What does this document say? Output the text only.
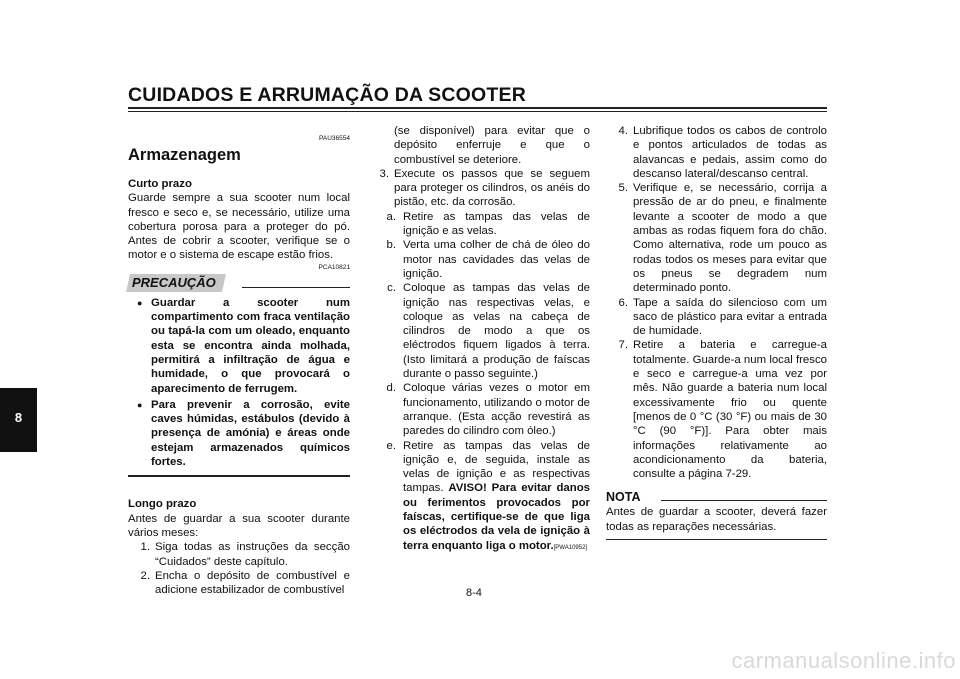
CUIDADOS E ARRUMAÇÃO DA SCOOTER
8
PAU36554
Armazenagem
Curto prazo

Guarde sempre a sua scooter num local fresco e seco e, se necessário, utilize uma cobertura porosa para a proteger do pó. Antes de cobrir a scooter, verifique se o motor e o sistema de escape estão frios.

PCA10821
PRECAUÇÃO
● Guardar a scooter num compartimento com fraca ventilação ou tapá-la com um oleado, enquanto esta se encontra ainda molhada, permitirá a infiltração de água e humidade, o que provocará o aparecimento de ferrugem.
● Para prevenir a corrosão, evite caves húmidas, estábulos (devido à presença de amónia) e áreas onde estejam armazenados químicos fortes.
Longo prazo

Antes de guardar a sua scooter durante vários meses:

1. Siga todas as instruções da secção “Cuidados” deste capítulo.
2. Encha o depósito de combustível e adicione estabilizador de combustível
(se disponível) para evitar que o depósito enferruje e que o combustível se deteriore.
3. Execute os passos que se seguem para proteger os cilindros, os anéis do pistão, etc. da corrosão.
a. Retire as tampas das velas de ignição e as velas.
b. Verta uma colher de chá de óleo do motor nas cavidades das velas de ignição.
c. Coloque as tampas das velas de ignição nas respectivas velas, e coloque as velas na cabeça de cilindros de modo a que os eléctrodos fiquem ligados à terra. (Isto limitará a produção de faíscas durante o passo seguinte.)
d. Coloque várias vezes o motor em funcionamento, utilizando o motor de arranque. (Esta acção revestirá as paredes do cilindro com óleo.)
e. Retire as tampas das velas de ignição e, de seguida, instale as velas de ignição e as respectivas tampas. AVISO! Para evitar danos ou ferimentos provocados por faíscas, certifique-se de que liga os eléctrodos da vela de ignição à terra enquanto liga o motor.[PWA10952]
4. Lubrifique todos os cabos de controlo e pontos articulados de todas as alavancas e pedais, assim como do descanso lateral/descanso central.
5. Verifique e, se necessário, corrija a pressão de ar do pneu, e finalmente levante a scooter de modo a que ambas as rodas fiquem fora do chão. Como alternativa, rode um pouco as rodas todos os meses para evitar que os pneus se degradem num determinado ponto.
6. Tape a saída do silencioso com um saco de plástico para evitar a entrada de humidade.
7. Retire a bateria e carregue-a totalmente. Guarde-a num local fresco e seco e carregue-a uma vez por mês. Não guarde a bateria num local excessivamente frio ou quente [menos de 0 °C (30 °F) ou mais de 30 °C (90 °F)]. Para obter mais informações relativamente ao acondicionamento da bateria, consulte a página 7-29.
NOTA

Antes de guardar a scooter, deverá fazer todas as reparações necessárias.

8-4
carmanualsonline.info
